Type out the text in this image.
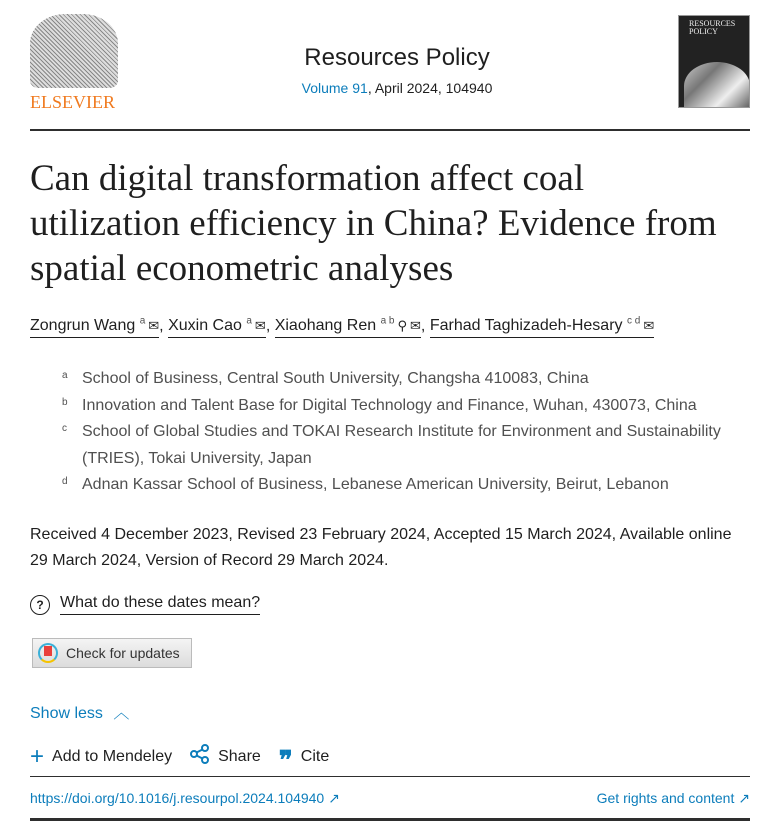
ELSEVIER
Resources Policy
Volume 91, April 2024, 104940
RESOURCES POLICY
Can digital transformation affect coal utilization efficiency in China? Evidence from spatial econometric analyses
Zongrun Wang $^a$ ✉, Xuxin Cao $^a$ ✉, Xiaohang Ren $^{a b}$ ⚲ ✉, Farhad Taghizadeh-Hesary $^{c d}$ ✉
a School of Business, Central South University, Changsha 410083, China
b Innovation and Talent Base for Digital Technology and Finance, Wuhan, 430073, China
c School of Global Studies and TOKAI Research Institute for Environment and Sustainability (TRIES), Tokai University, Japan
d Adnan Kassar School of Business, Lebanese American University, Beirut, Lebanon
Received 4 December 2023, Revised 23 February 2024, Accepted 15 March 2024, Available online 29 March 2024, Version of Record 29 March 2024.
?	What do these dates mean?
Check for updates
Show less ︿
+ Add to Mendeley	Share ❞ Cite
https://doi.org/10.1016/j.resourpol.2024.104940 ↗	Get rights and content ↗
